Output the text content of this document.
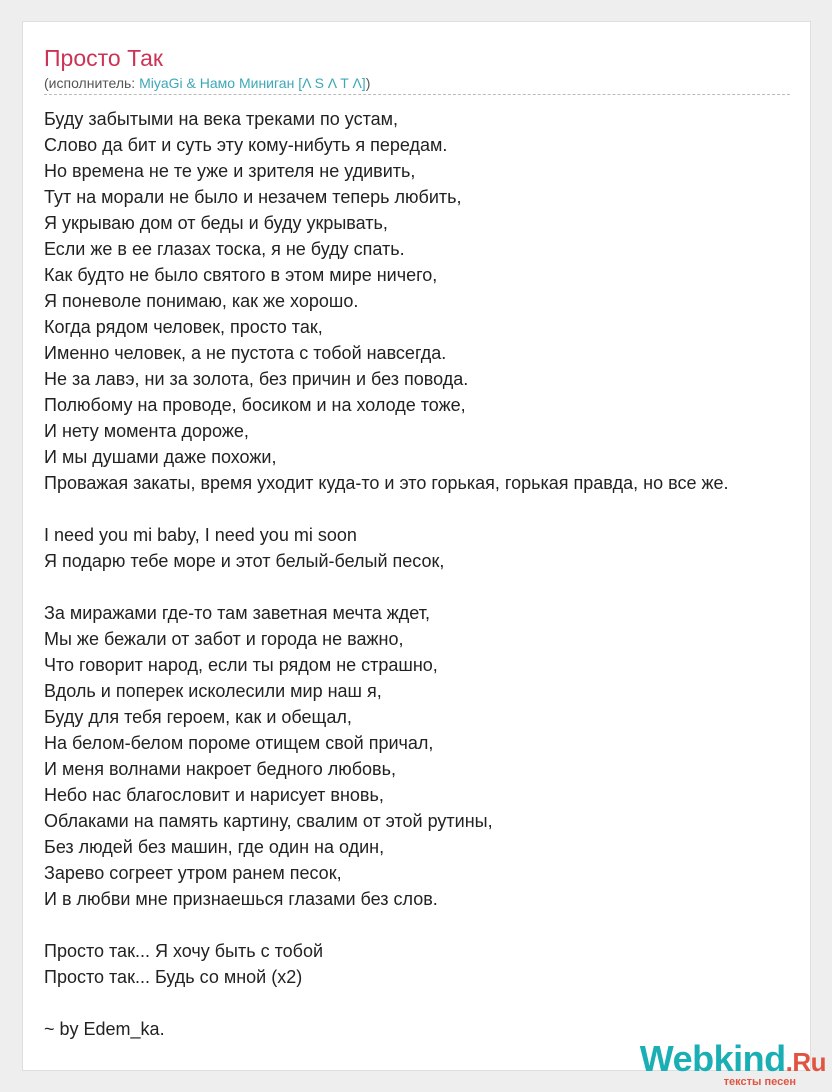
Просто Так
(исполнитель: MiyaGi & Намо Миниган [Λ S Λ T Λ])
Буду забытыми на века треками по устам,
Слово да бит и суть эту кому-нибуть я передам.
Но времена не те уже и зрителя не удивить,
Тут на морали не было и незачем теперь любить,
Я укрываю дом от беды и буду укрывать,
Если же в ее глазах тоска, я не буду спать.
Как будто не было святого в этом мире ничего,
Я поневоле понимаю, как же хорошо.
Когда рядом человек, просто так,
Именно человек, а не пустота с тобой навсегда.
Не за лавэ, ни за золота, без причин и без повода.
Полюбому на проводе, босиком и на холоде тоже,
И нету момента дороже,
И мы душами даже похожи,
Проважая закаты, время уходит куда-то и это горькая, горькая правда, но все же.
I need you mi baby, I need you mi soon
Я подарю тебе море и этот белый-белый песок,
За миражами где-то там заветная мечта ждет,
Мы же бежали от забот и города не важно,
Что говорит народ, если ты рядом не страшно,
Вдоль и поперек исколесили мир наш я,
Буду для тебя героем, как и обещал,
На белом-белом пороме отищем свой причал,
И меня волнами накроет бедного любовь,
Небо нас благословит и нарисует вновь,
Облаками на память картину, свалим от этой рутины,
Без людей без машин, где один на один,
Зарево согреет утром ранем песок,
И в любви мне признаешься глазами без слов.
Просто так... Я хочу быть с тобой
Просто так... Будь со мной (x2)
~ by Edem_ka.
Webkind.Ru
тексты песен
